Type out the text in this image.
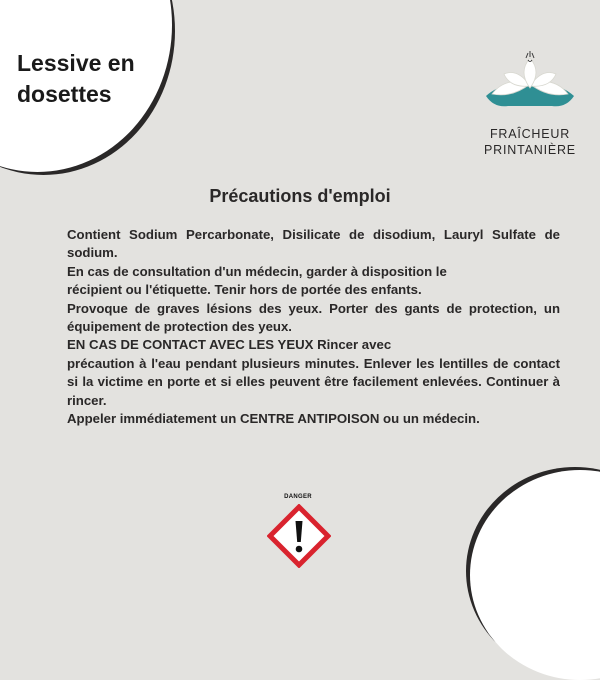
Lessive en dosettes
FRAÎCHEUR
PRINTANIÈRE
Précautions d'emploi

Contient Sodium Percarbonate, Disilicate de disodium, Lauryl Sulfate de sodium.

En cas de consultation d'un médecin, garder à disposition le

récipient ou l'étiquette. Tenir hors de portée des enfants.

Provoque de graves lésions des yeux. Porter des gants de protection, un équipement de protection des yeux.

EN CAS DE CONTACT AVEC LES YEUX Rincer avec

précaution à l'eau pendant plusieurs minutes. Enlever les lentilles de contact si la victime en porte et si elles peuvent être facilement enlevées. Continuer à rincer.

Appeler immédiatement un CENTRE ANTIPOISON ou un médecin.

DANGER
